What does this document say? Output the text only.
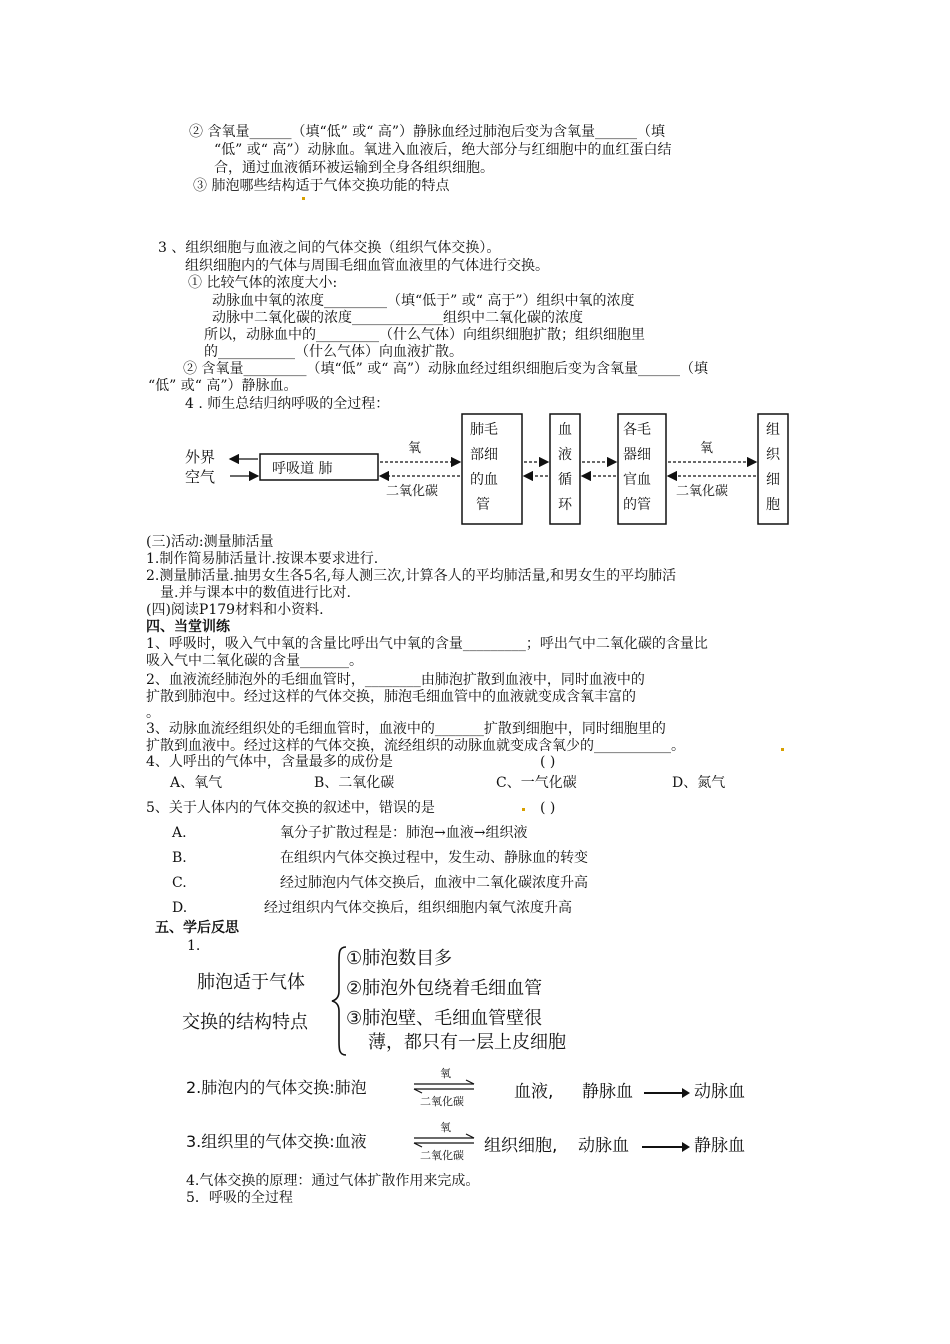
② 含氧量______（填“低” 或“ 高”）静脉血经过肺泡后变为含氧量______（填
“低” 或“ 高”）动脉血。氧进入血液后，绝大部分与红细胞中的血红蛋白结
合，通过血液循环被运输到全身各组织细胞。
③ 肺泡哪些结构适于气体交换功能的特点
3 、组织细胞与血液之间的气体交换（组织气体交换）。
组织细胞内的气体与周围毛细血管血液里的气体进行交换。
① 比较气体的浓度大小:
动脉血中氧的浓度_________（填“低于” 或“ 高于”）组织中氧的浓度
动脉中二氧化碳的浓度_____________组织中二氧化碳的浓度
所以，动脉血中的_________（什么气体）向组织细胞扩散；组织细胞里
的___________（什么气体）向血液扩散。
② 含氧量_________（填“低” 或“ 高”）动脉血经过组织细胞后变为含氧量______（填
“低” 或“ 高”）静脉血。
4 . 师生总结归纳呼吸的全过程：
外界
空气	呼吸道 肺
氧
二氧化碳
肺毛
部细
的血
管
血
液
循
环
各毛
器细
官血
的管
氧
二氧化碳
组
织
细
胞
(三)活动:测量肺活量
1.制作简易肺活量计.按课本要求进行.
2.测量肺活量.抽男女生各5名,每人测三次,计算各人的平均肺活量,和男女生的平均肺活
量.并与课本中的数值进行比对.
(四)阅读P179材料和小资料.
四、当堂训练
1、呼吸时，吸入气中氧的含量比呼出气中氧的含量_________；呼出气中二氧化碳的含量比
吸入气中二氧化碳的含量_______。
2、血液流经肺泡外的毛细血管时，________由肺泡扩散到血液中，同时血液中的
扩散到肺泡中。经过这样的气体交换，肺泡毛细血管中的血液就变成含氧丰富的
。
3、动脉血流经组织处的毛细血管时，血液中的_______扩散到细胞中，同时细胞里的
扩散到血液中。经过这样的气体交换，流经组织的动脉血就变成含氧少的___________。
4、人呼出的气体中，含量最多的成份是	( )
A、氧气	B、二氧化碳	C、一气化碳	D、氮气
5、关于人体内的气体交换的叙述中，错误的是	( )
A.	氧分子扩散过程是：肺泡→血液→组织液
B.	在组织内气体交换过程中，发生动、静脉血的转变
C.	经过肺泡内气体交换后，血液中二氧化碳浓度升高
D.	经过组织内气体交换后，组织细胞内氧气浓度升高
五、学后反思
1.
肺泡适于气体
交换的结构特点
①肺泡数目多
②肺泡外包绕着毛细血管
③肺泡壁、毛细血管壁很
薄，都只有一层上皮细胞
2.肺泡内的气体交换:肺泡
氧
二氧化碳	血液, 静脉血	动脉血
3.组织里的气体交换:血液
氧
二氧化碳 组织细胞, 动脉血	静脉血
4.气体交换的原理：通过气体扩散作用来完成。
5．呼吸的全过程
